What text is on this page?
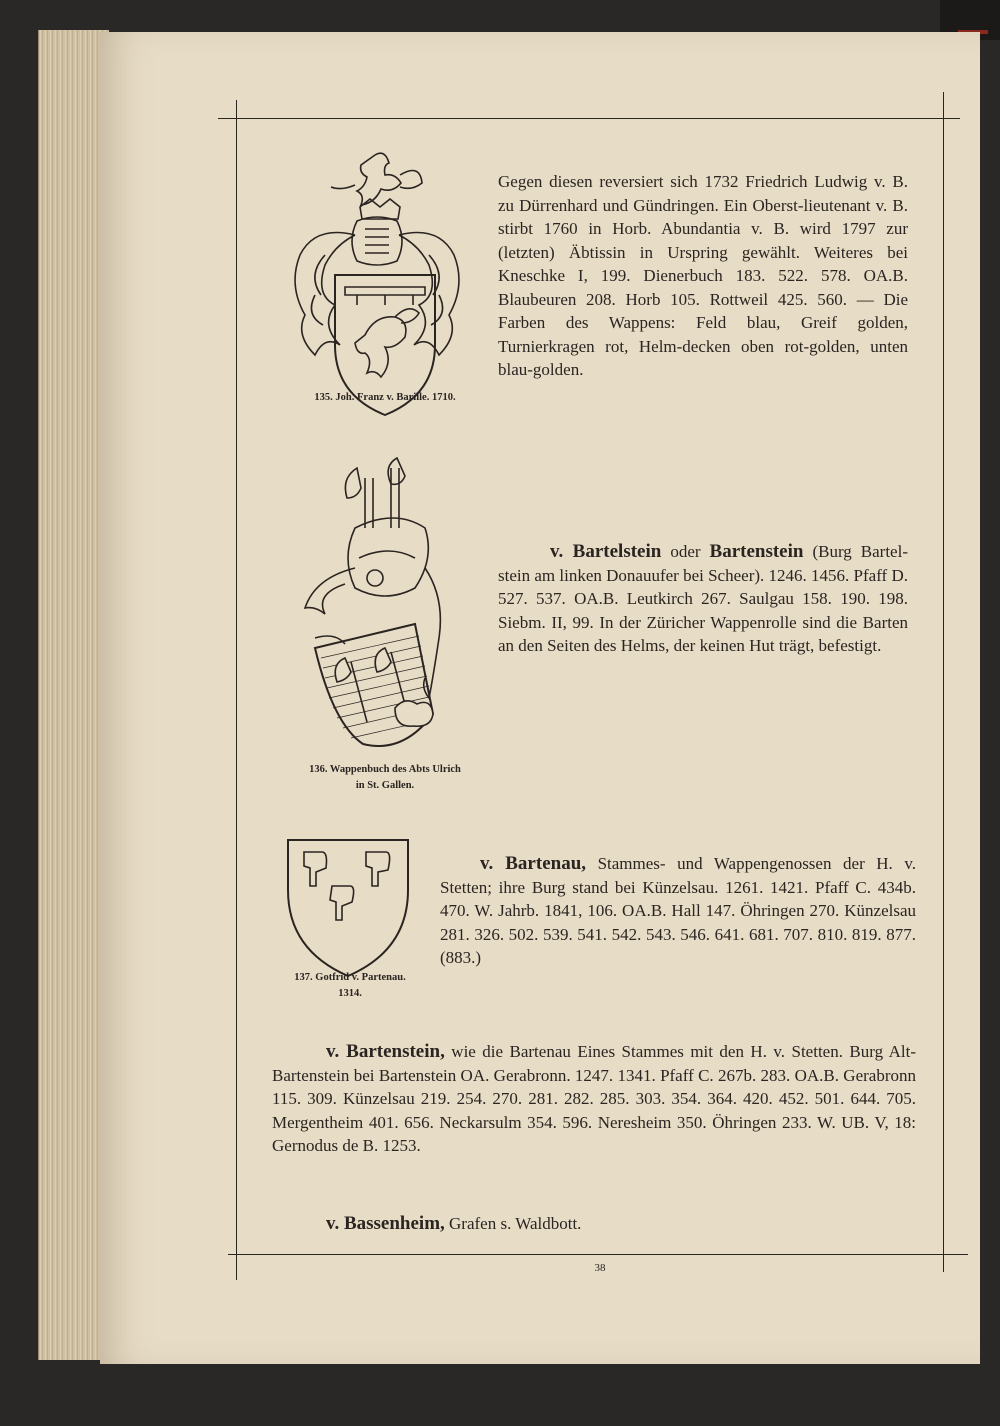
135. Joh. Franz v. Barille. 1710.
Gegen diesen reversiert sich 1732 Friedrich Ludwig v. B. zu Dürrenhard und Gündringen. Ein Oberst-lieutenant v. B. stirbt 1760 in Horb. Abundantia v. B. wird 1797 zur (letzten) Äbtissin in Urspring gewählt. Weiteres bei Kneschke I, 199. Dienerbuch 183. 522. 578. OA.B. Blaubeuren 208. Horb 105. Rottweil 425. 560. — Die Farben des Wappens: Feld blau, Greif golden, Turnierkragen rot, Helm-decken oben rot-golden, unten blau-golden.
136. Wappenbuch des Abts Ulrich
in St. Gallen.
v. Bartelstein oder Bartenstein (Burg Bartel-stein am linken Donauufer bei Scheer). 1246. 1456. Pfaff D. 527. 537. OA.B. Leutkirch 267. Saulgau 158. 190. 198. Siebm. II, 99. In der Züricher Wappenrolle sind die Barten an den Seiten des Helms, der keinen Hut trägt, befestigt.
137. Gotfrid v. Partenau.
1314.
v. Bartenau, Stammes- und Wappengenossen der H. v. Stetten; ihre Burg stand bei Künzelsau. 1261. 1421. Pfaff C. 434b. 470. W. Jahrb. 1841, 106. OA.B. Hall 147. Öhringen 270. Künzelsau 281. 326. 502. 539. 541. 542. 543. 546. 641. 681. 707. 810. 819. 877. (883.)
v. Bartenstein, wie die Bartenau Eines Stammes mit den H. v. Stetten. Burg Alt-Bartenstein bei Bartenstein OA. Gerabronn. 1247. 1341. Pfaff C. 267b. 283. OA.B. Gerabronn 115. 309. Künzelsau 219. 254. 270. 281. 282. 285. 303. 354. 364. 420. 452. 501. 644. 705. Mergentheim 401. 656. Neckarsulm 354. 596. Neresheim 350. Öhringen 233. W. UB. V, 18: Gernodus de B. 1253.
v. Bassenheim, Grafen s. Waldbott.
38
